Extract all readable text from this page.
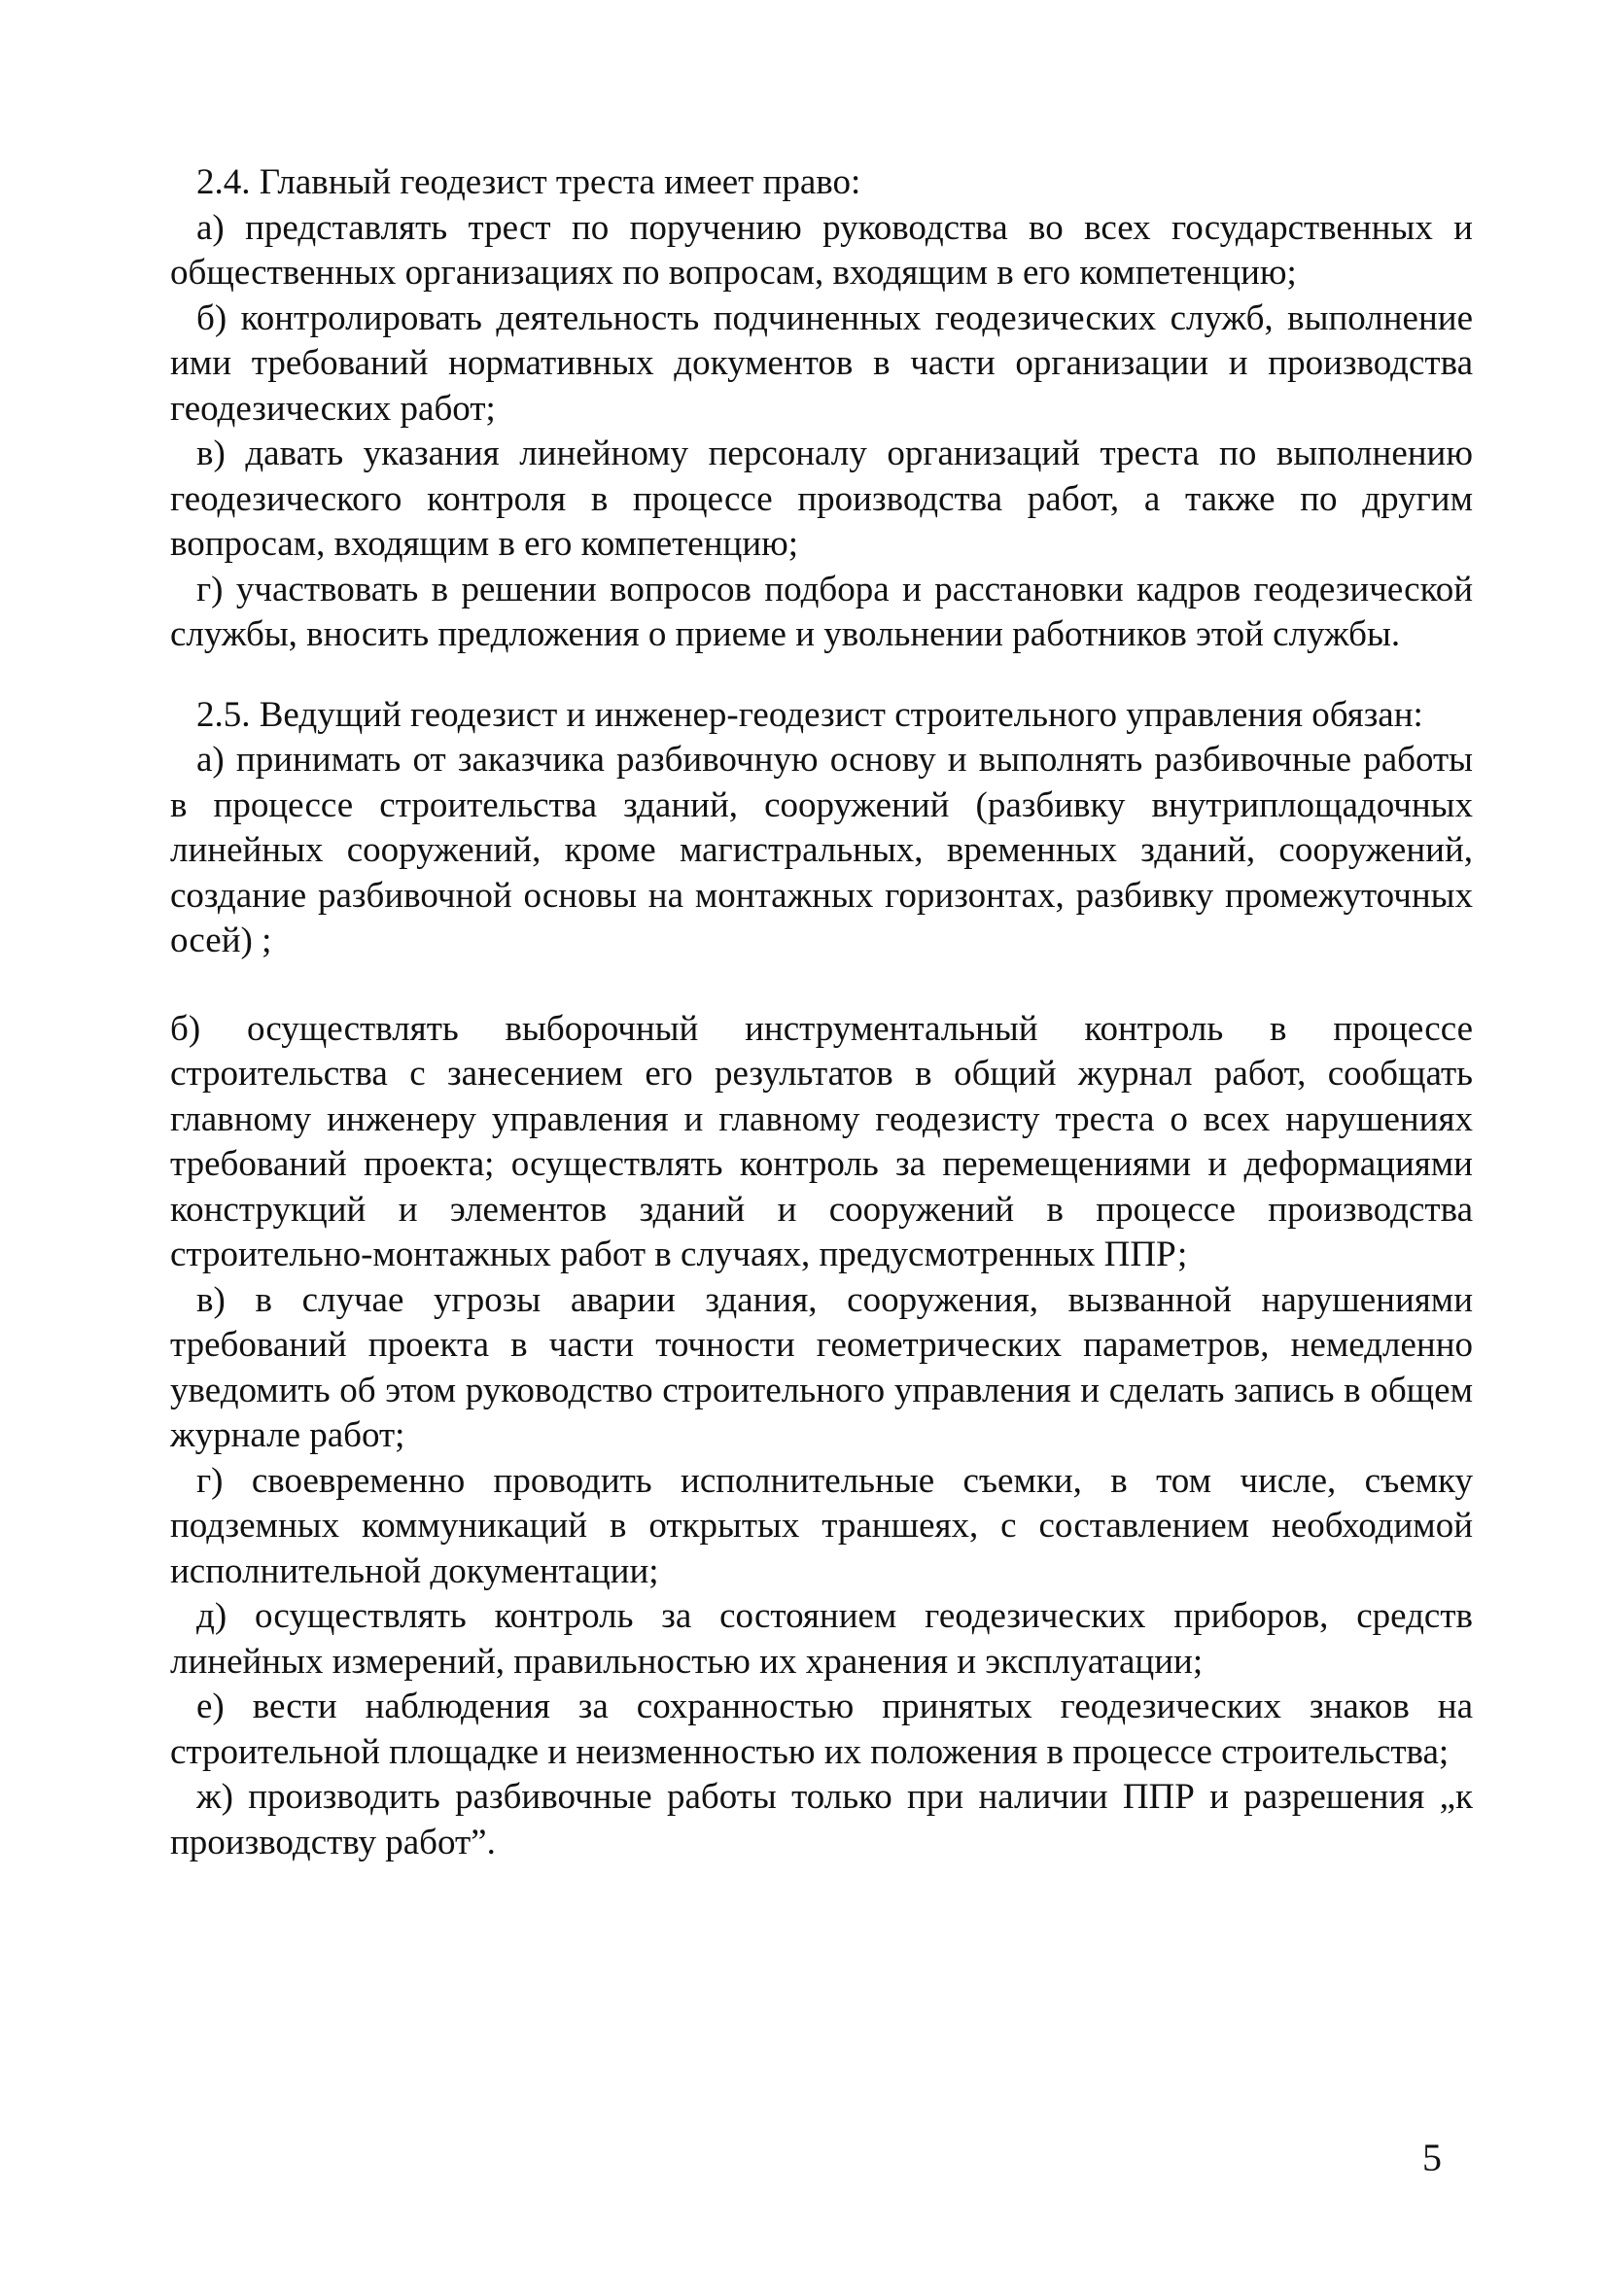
2.4. Главный геодезист треста имеет право:

а) представлять трест по поручению руководства во всех государственных и общественных организациях по вопросам, входящим в его компетенцию;

б) контролировать деятельность подчиненных геодезических служб, выполнение ими требований нормативных документов в части организации и производства геодезических работ;

в) давать указания линейному персоналу организаций треста по выполнению геодезического контроля в процессе производства работ, а также по другим вопросам, входящим в его компетенцию;

г) участвовать в решении вопросов подбора и расстановки кадров геодезической службы, вносить предложения о приеме и увольнении работников этой службы.

2.5. Ведущий геодезист и инженер-геодезист строительного управления обязан:

а) принимать от заказчика разбивочную основу и выполнять разбивочные работы в процессе строительства зданий, сооружений (разбивку внутриплощадочных линейных сооружений, кроме магистральных, временных зданий, сооружений, создание разбивочной основы на монтажных горизонтах, разбивку промежуточных осей) ;

б) осуществлять выборочный инструментальный контроль в процессе строительства с занесением его результатов в общий журнал работ, сообщать главному инженеру управления и главному геодезисту треста о всех нарушениях требований проекта; осуществлять контроль за перемещениями и деформациями конструкций и элементов зданий и сооружений в процессе производства строительно-монтажных работ в случаях, предусмотренных ППР;

в) в случае угрозы аварии здания, сооружения, вызванной нарушениями требований проекта в части точности геометрических параметров, немедленно уведомить об этом руководство строительного управления и сделать запись в общем журнале работ;

г) своевременно проводить исполнительные съемки, в том числе, съемку подземных коммуникаций в открытых траншеях, с составлением необходимой исполнительной документации;

д) осуществлять контроль за состоянием геодезических приборов, средств линейных измерений, правильностью их хранения и эксплуатации;

е) вести наблюдения за сохранностью принятых геодезических знаков на строительной площадке и неизменностью их положения в процессе строительства;

ж) производить разбивочные работы только при наличии ППР и разрешения „к производству работ”.

5
